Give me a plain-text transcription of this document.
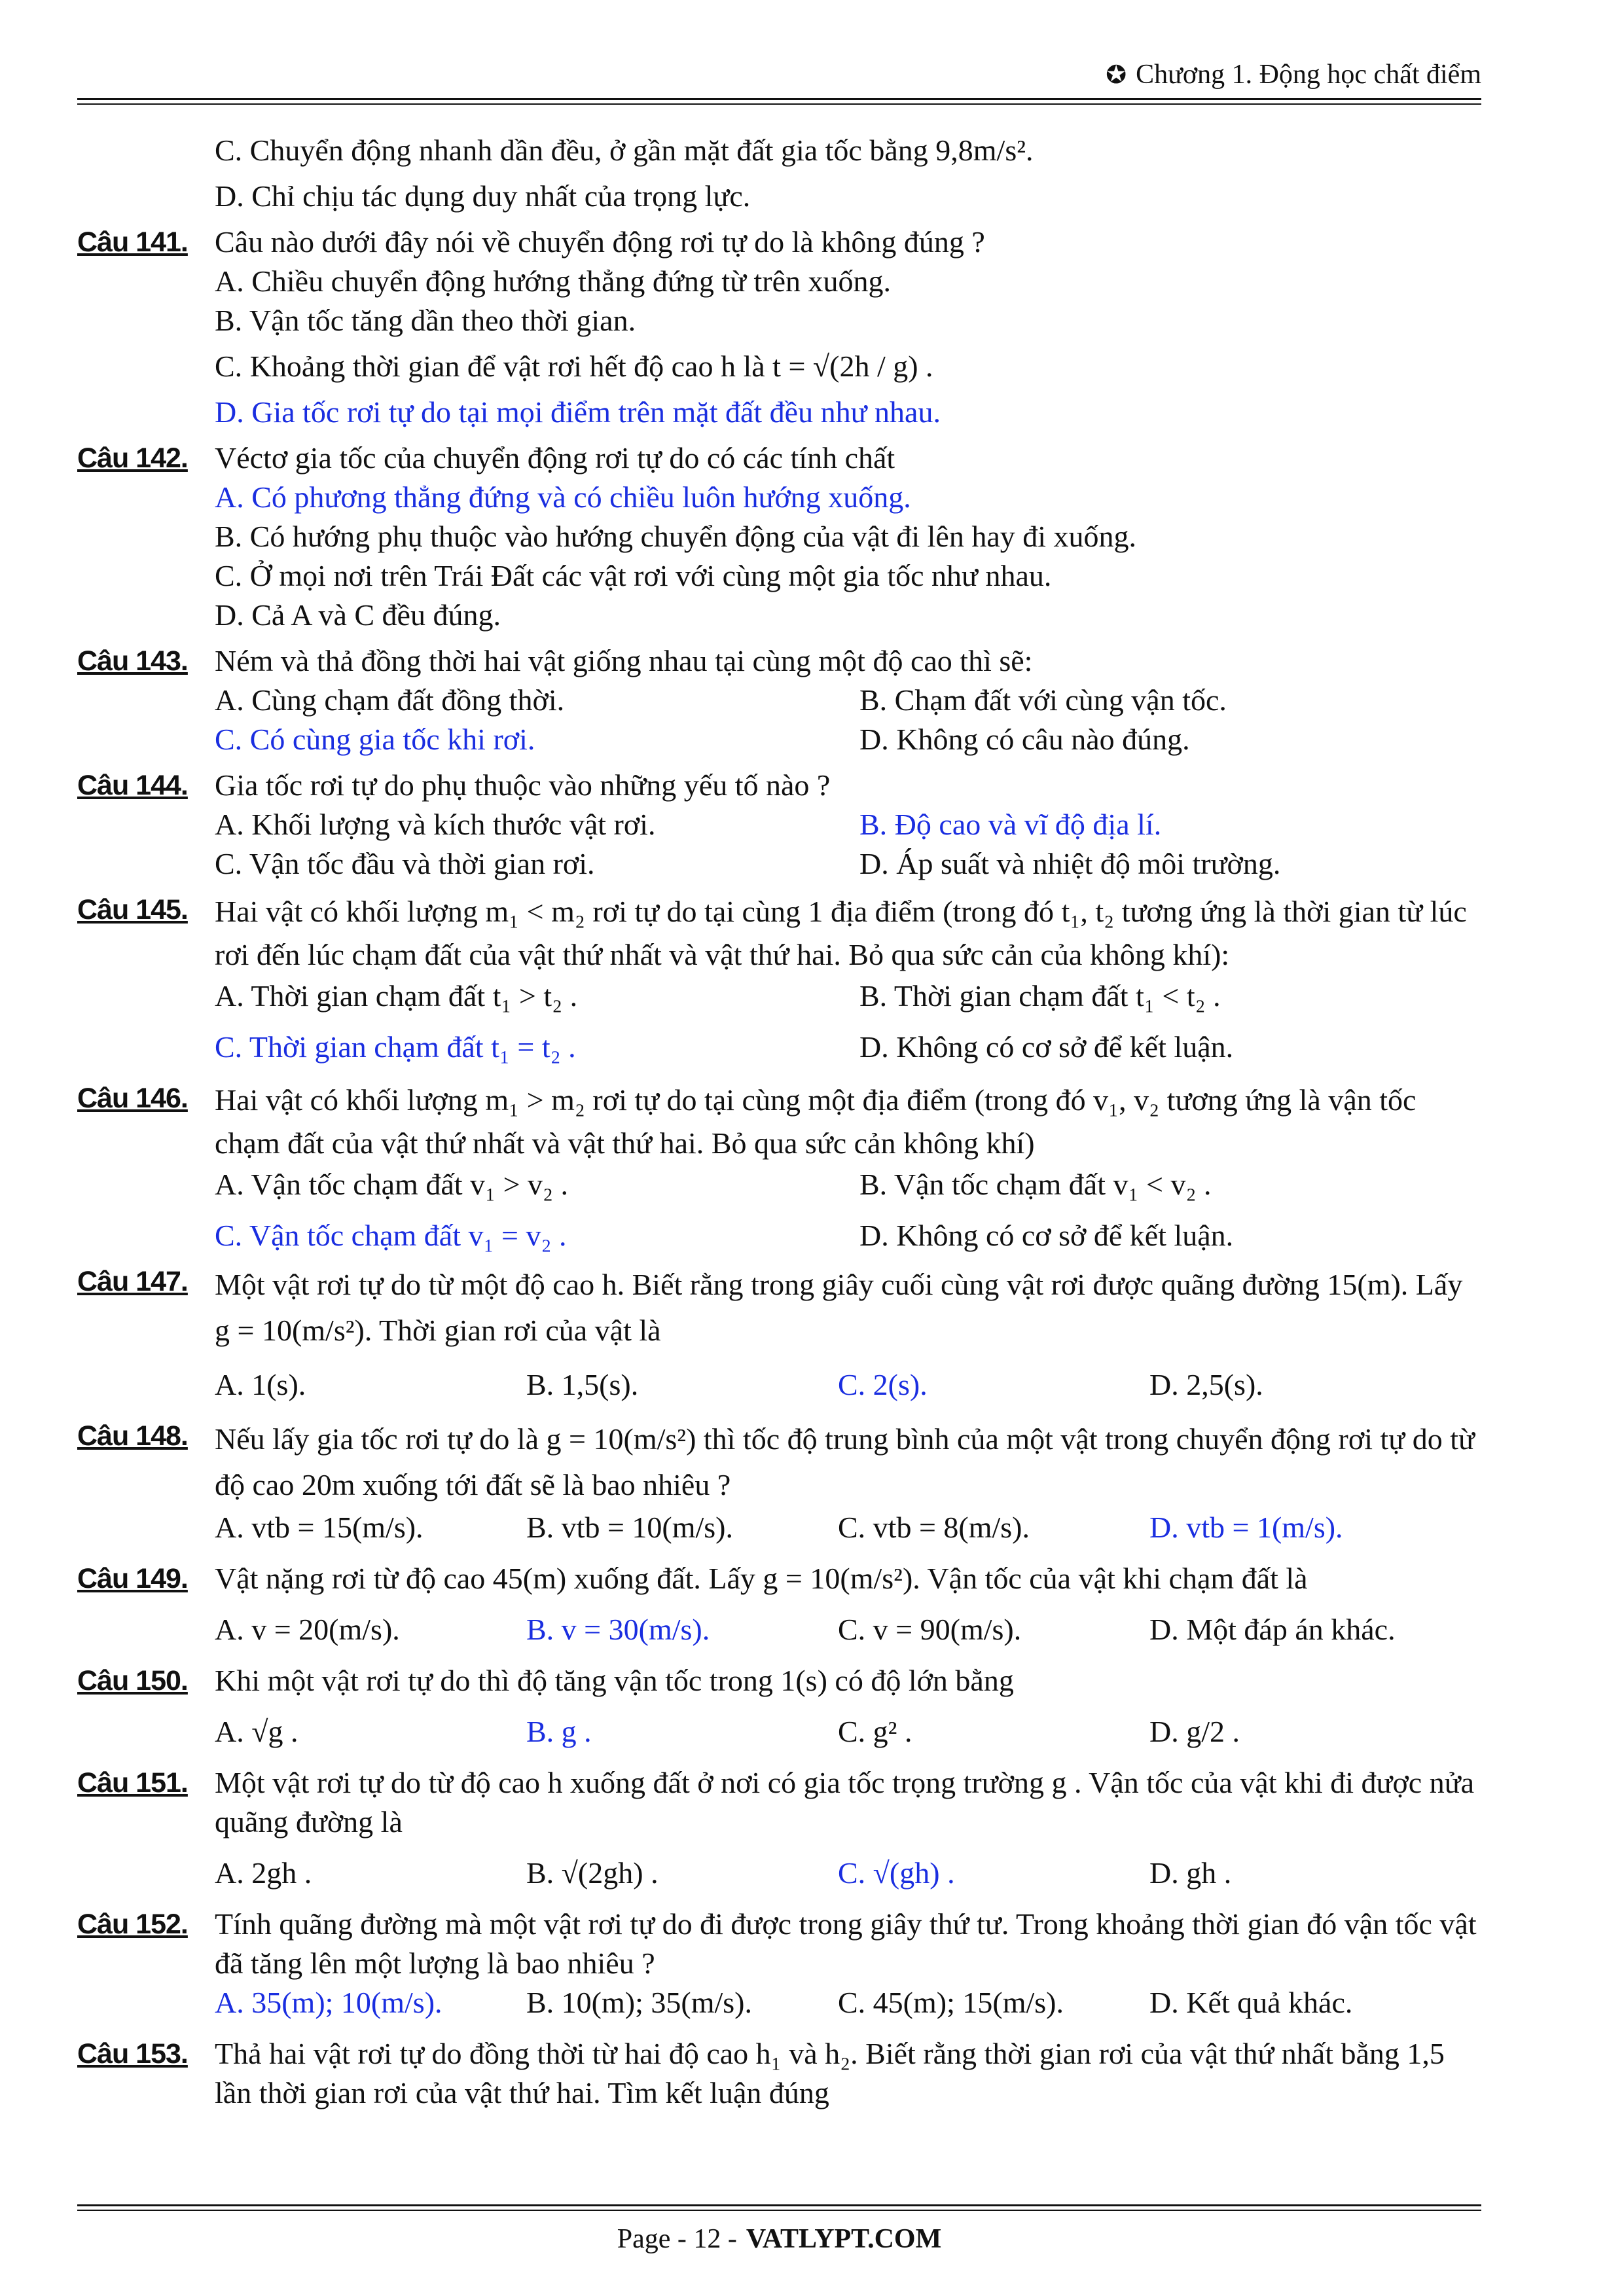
✪ Chương 1. Động học chất điểm
C. Chuyển động nhanh dần đều, ở gần mặt đất gia tốc bằng 9,8m/s².
D. Chỉ chịu tác dụng duy nhất của trọng lực.
Câu 141. Câu nào dưới đây nói về chuyển động rơi tự do là không đúng ?
A. Chiều chuyển động hướng thẳng đứng từ trên xuống.
B. Vận tốc tăng dần theo thời gian.
C. Khoảng thời gian để vật rơi hết độ cao h là t = √(2h / g) .
D. Gia tốc rơi tự do tại mọi điểm trên mặt đất đều như nhau.
Câu 142. Véctơ gia tốc của chuyển động rơi tự do có các tính chất
A. Có phương thẳng đứng và có chiều luôn hướng xuống.
B. Có hướng phụ thuộc vào hướng chuyển động của vật đi lên hay đi xuống.
C. Ở mọi nơi trên Trái Đất các vật rơi với cùng một gia tốc như nhau.
D. Cả A và C đều đúng.
Câu 143. Ném và thả đồng thời hai vật giống nhau tại cùng một độ cao thì sẽ:
A. Cùng chạm đất đồng thời.	B. Chạm đất với cùng vận tốc.
C. Có cùng gia tốc khi rơi.	D. Không có câu nào đúng.
Câu 144. Gia tốc rơi tự do phụ thuộc vào những yếu tố nào ?
A. Khối lượng và kích thước vật rơi.	B. Độ cao và vĩ độ địa lí.
C. Vận tốc đầu và thời gian rơi.	D. Áp suất và nhiệt độ môi trường.
Câu 145. Hai vật có khối lượng m₁ < m₂ rơi tự do tại cùng 1 địa điểm (trong đó t₁, t₂ tương ứng là thời gian từ lúc rơi đến lúc chạm đất của vật thứ nhất và vật thứ hai. Bỏ qua sức cản của không khí):
A. Thời gian chạm đất t₁ > t₂ .	B. Thời gian chạm đất t₁ < t₂ .
C. Thời gian chạm đất t₁ = t₂ .	D. Không có cơ sở để kết luận.
Câu 146. Hai vật có khối lượng m₁ > m₂ rơi tự do tại cùng một địa điểm (trong đó v₁, v₂ tương ứng là vận tốc chạm đất của vật thứ nhất và vật thứ hai. Bỏ qua sức cản không khí)
A. Vận tốc chạm đất v₁ > v₂ .	B. Vận tốc chạm đất v₁ < v₂ .
C. Vận tốc chạm đất v₁ = v₂ .	D. Không có cơ sở để kết luận.
Câu 147. Một vật rơi tự do từ một độ cao h. Biết rằng trong giây cuối cùng vật rơi được quãng đường 15(m). Lấy g = 10(m/s²). Thời gian rơi của vật là
A. 1(s).	B. 1,5(s).	C. 2(s).	D. 2,5(s).
Câu 148. Nếu lấy gia tốc rơi tự do là g = 10(m/s²) thì tốc độ trung bình của một vật trong chuyển động rơi tự do từ độ cao 20m xuống tới đất sẽ là bao nhiêu ?
A. vtb = 15(m/s).	B. vtb = 10(m/s).	C. vtb = 8(m/s).	D. vtb = 1(m/s).
Câu 149. Vật nặng rơi từ độ cao 45(m) xuống đất. Lấy g = 10(m/s²). Vận tốc của vật khi chạm đất là
A. v = 20(m/s).	B. v = 30(m/s).	C. v = 90(m/s).	D. Một đáp án khác.
Câu 150. Khi một vật rơi tự do thì độ tăng vận tốc trong 1(s) có độ lớn bằng
A. √g .	B. g .	C. g² .	D. g/2 .
Câu 151. Một vật rơi tự do từ độ cao h xuống đất ở nơi có gia tốc trọng trường g . Vận tốc của vật khi đi được nửa quãng đường là
A. 2gh .	B. √(2gh) .	C. √(gh) .	D. gh .
Câu 152. Tính quãng đường mà một vật rơi tự do đi được trong giây thứ tư. Trong khoảng thời gian đó vận tốc vật đã tăng lên một lượng là bao nhiêu ?
A. 35(m); 10(m/s).	B. 10(m); 35(m/s).	C. 45(m); 15(m/s).	D. Kết quả khác.
Câu 153. Thả hai vật rơi tự do đồng thời từ hai độ cao h₁ và h₂. Biết rằng thời gian rơi của vật thứ nhất bằng 1,5 lần thời gian rơi của vật thứ hai. Tìm kết luận đúng
Page - 12 - VATLYPT.COM
